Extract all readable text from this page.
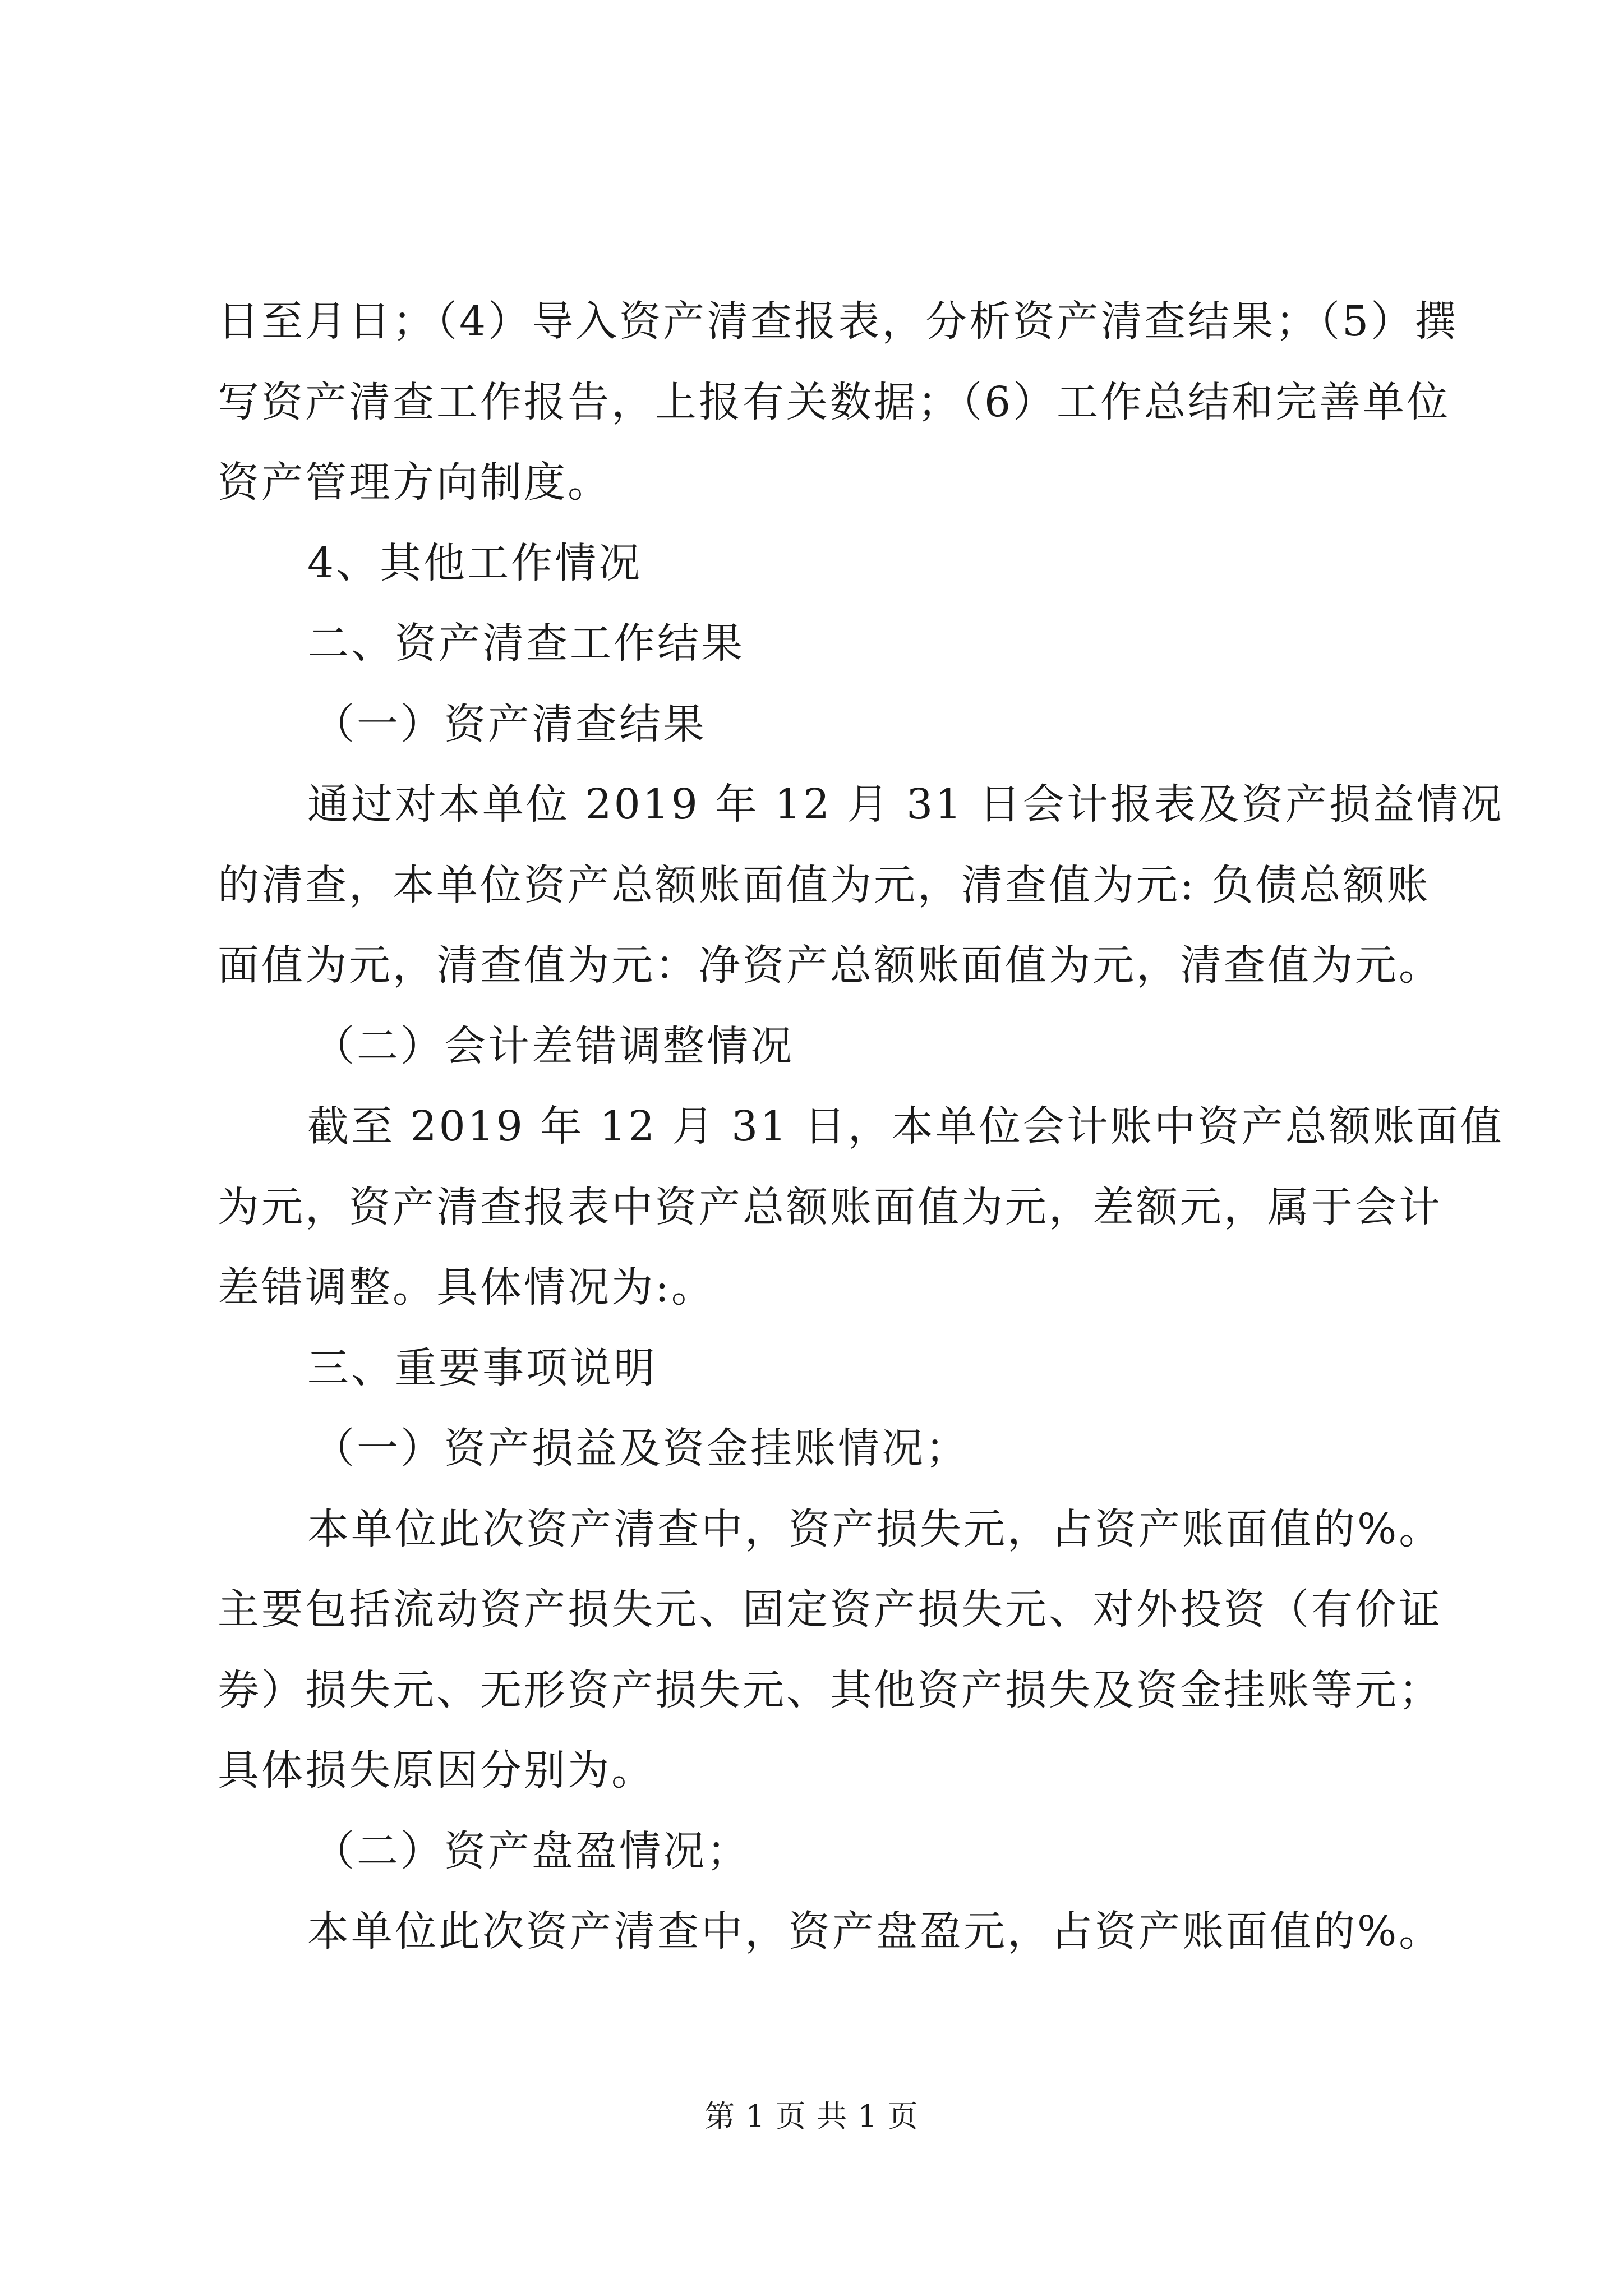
日至月日；（4）导入资产清查报表，分析资产清查结果；（5）撰
写资产清查工作报告，上报有关数据；（6）工作总结和完善单位
资产管理方向制度。
4、其他工作情况
二、资产清查工作结果
（一）资产清查结果
通过对本单位 2019 年 12 月 31 日会计报表及资产损益情况
的清查，本单位资产总额账面值为元，清查值为元: 负债总额账
面值为元，清查值为元：净资产总额账面值为元，清查值为元。
（二）会计差错调整情况
截至 2019 年 12 月 31 日，本单位会计账中资产总额账面值
为元，资产清查报表中资产总额账面值为元，差额元，属于会计
差错调整。具体情况为:。
三、重要事项说明
（一）资产损益及资金挂账情况；
本单位此次资产清查中，资产损失元，占资产账面值的%。
主要包括流动资产损失元、固定资产损失元、对外投资（有价证
券）损失元、无形资产损失元、其他资产损失及资金挂账等元；
具体损失原因分别为。
（二）资产盘盈情况；
本单位此次资产清查中，资产盘盈元，占资产账面值的%。
第 1 页 共 1 页
